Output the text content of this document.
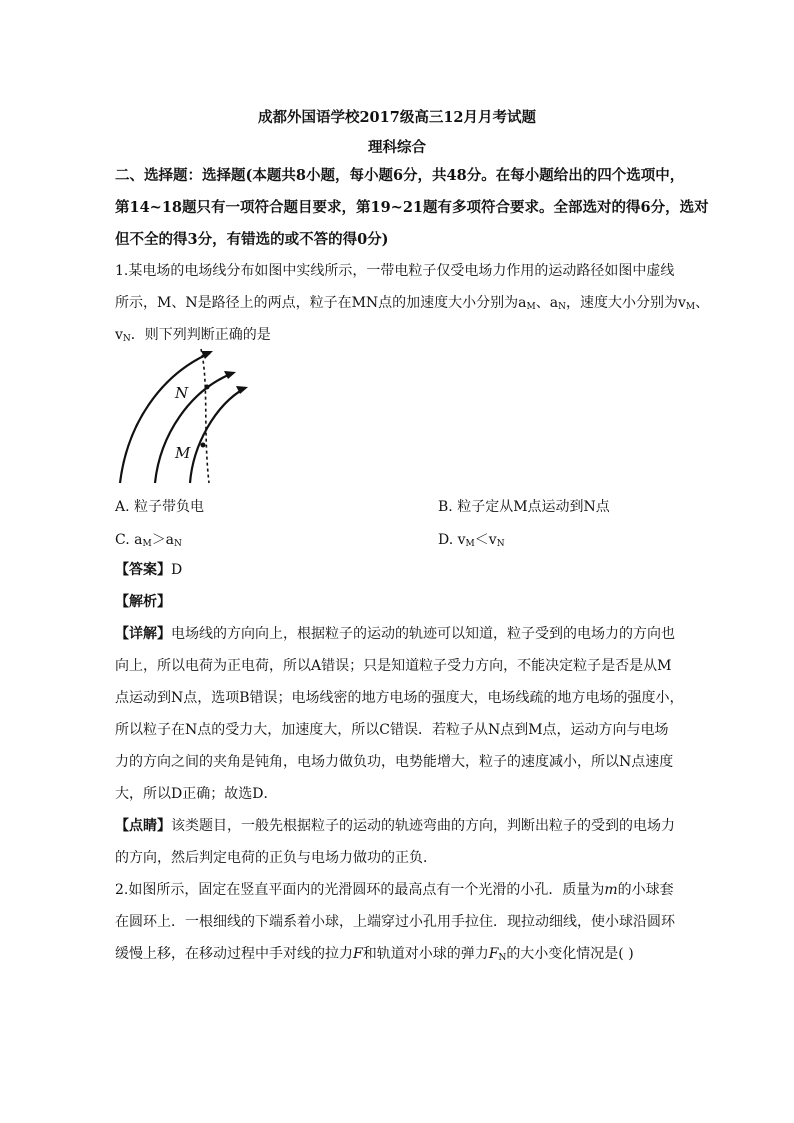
成都外国语学校2017级高三12月月考试题
理科综合
二、选择题：选择题(本题共8小题，每小题6分，共48分。在每小题给出的四个选项中，
第14~18题只有一项符合题目要求，第19~21题有多项符合要求。全部选对的得6分，选对
但不全的得3分，有错选的或不答的得0分)
1.某电场的电场线分布如图中实线所示，一带电粒子仅受电场力作用的运动路径如图中虚线
所示，M、N是路径上的两点，粒子在MN点的加速度大小分别为$a_M$、$a_N$，速度大小分别为$v_M$、
$v_N$．则下列判断正确的是
N
M
A. 粒子带负电	B. 粒子定从M点运动到N点
C. $a_M>a_N$	D. $v_M<v_N$
【答案】D
【解析】
【详解】电场线的方向向上，根据粒子的运动的轨迹可以知道，粒子受到的电场力的方向也
向上，所以电荷为正电荷，所以A错误；只是知道粒子受力方向，不能决定粒子是否是从M
点运动到N点，选项B错误；电场线密的地方电场的强度大，电场线疏的地方电场的强度小，
所以粒子在N点的受力大，加速度大，所以C错误．若粒子从N点到M点，运动方向与电场
力的方向之间的夹角是钝角，电场力做负功，电势能增大，粒子的速度减小，所以N点速度
大，所以D正确；故选D．
【点睛】该类题目，一般先根据粒子的运动的轨迹弯曲的方向，判断出粒子的受到的电场力
的方向，然后判定电荷的正负与电场力做功的正负．
2.如图所示，固定在竖直平面内的光滑圆环的最高点有一个光滑的小孔．质量为m的小球套
在圆环上．一根细线的下端系着小球，上端穿过小孔用手拉住．现拉动细线，使小球沿圆环
缓慢上移，在移动过程中手对线的拉力F和轨道对小球的弹力$F_N$的大小变化情况是( )
